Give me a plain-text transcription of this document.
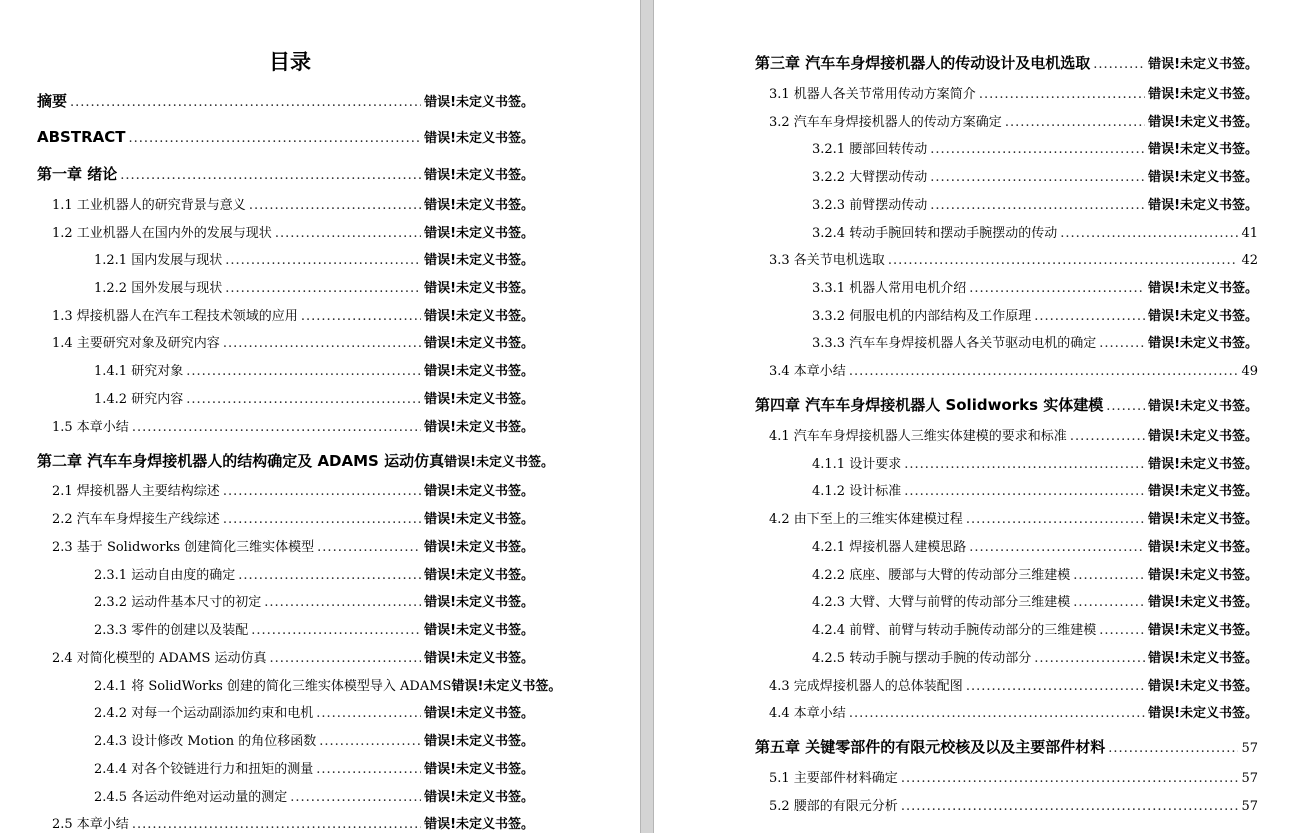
目录
摘要 .....	错误!未定义书签。
ABSTRACT .....	错误!未定义书签。
第一章 绪论 .....	错误!未定义书签。
1.1 工业机器人的研究背景与意义 .....	错误!未定义书签。
1.2 工业机器人在国内外的发展与现状 .....	错误!未定义书签。
1.2.1 国内发展与现状 .....	错误!未定义书签。
1.2.2 国外发展与现状 .....	错误!未定义书签。
1.3 焊接机器人在汽车工程技术领域的应用 .....	错误!未定义书签。
1.4 主要研究对象及研究内容 .....	错误!未定义书签。
1.4.1 研究对象 .....	错误!未定义书签。
1.4.2 研究内容 .....	错误!未定义书签。
1.5 本章小结 .....	错误!未定义书签。
第二章 汽车车身焊接机器人的结构确定及 ADAMS 运动仿真 错误!未定义书签。
2.1 焊接机器人主要结构综述 .....	错误!未定义书签。
2.2 汽车车身焊接生产线综述 .....	错误!未定义书签。
2.3 基于 Solidworks 创建简化三维实体模型 .....	错误!未定义书签。
2.3.1 运动自由度的确定 .....	错误!未定义书签。
2.3.2 运动件基本尺寸的初定 .....	错误!未定义书签。
2.3.3 零件的创建以及装配 .....	错误!未定义书签。
2.4 对简化模型的 ADAMS 运动仿真 .....	错误!未定义书签。
2.4.1 将 SolidWorks 创建的简化三维实体模型导入 ADAMS 错误!未定义书签。
2.4.2 对每一个运动副添加约束和电机 .....	错误!未定义书签。
2.4.3 设计修改 Motion 的角位移函数 .....	错误!未定义书签。
2.4.4 对各个铰链进行力和扭矩的测量 .....	错误!未定义书签。
2.4.5 各运动件绝对运动量的测定 .....	错误!未定义书签。
2.5 本章小结 .....	错误!未定义书签。
第三章 汽车车身焊接机器人的传动设计及电机选取 .....	错误!未定义书签。
3.1 机器人各关节常用传动方案简介 .....	错误!未定义书签。
3.2 汽车车身焊接机器人的传动方案确定 .....	错误!未定义书签。
3.2.1 腰部回转传动 .....	错误!未定义书签。
3.2.2 大臂摆动传动 .....	错误!未定义书签。
3.2.3 前臂摆动传动 .....	错误!未定义书签。
3.2.4 转动手腕回转和摆动手腕摆动的传动 .....	41
3.3 各关节电机选取 .....	42
3.3.1 机器人常用电机介绍 .....	错误!未定义书签。
3.3.2 伺服电机的内部结构及工作原理 .....	错误!未定义书签。
3.3.3 汽车车身焊接机器人各关节驱动电机的确定 .....	错误!未定义书签。
3.4 本章小结 .....	49
第四章 汽车车身焊接机器人 Solidworks 实体建模 .....	错误!未定义书签。
4.1 汽车车身焊接机器人三维实体建模的要求和标准 .....	错误!未定义书签。
4.1.1 设计要求 .....	错误!未定义书签。
4.1.2 设计标准 .....	错误!未定义书签。
4.2 由下至上的三维实体建模过程 .....	错误!未定义书签。
4.2.1 焊接机器人建模思路 .....	错误!未定义书签。
4.2.2 底座、腰部与大臂的传动部分三维建模 .....	错误!未定义书签。
4.2.3 大臂、大臂与前臂的传动部分三维建模 .....	错误!未定义书签。
4.2.4 前臂、前臂与转动手腕传动部分的三维建模 .....	错误!未定义书签。
4.2.5 转动手腕与摆动手腕的传动部分 .....	错误!未定义书签。
4.3 完成焊接机器人的总体装配图 .....	错误!未定义书签。
4.4 本章小结 .....	错误!未定义书签。
第五章 关键零部件的有限元校核及以及主要部件材料 .....	57
5.1 主要部件材料确定 .....	57
5.2 腰部的有限元分析 .....	57
